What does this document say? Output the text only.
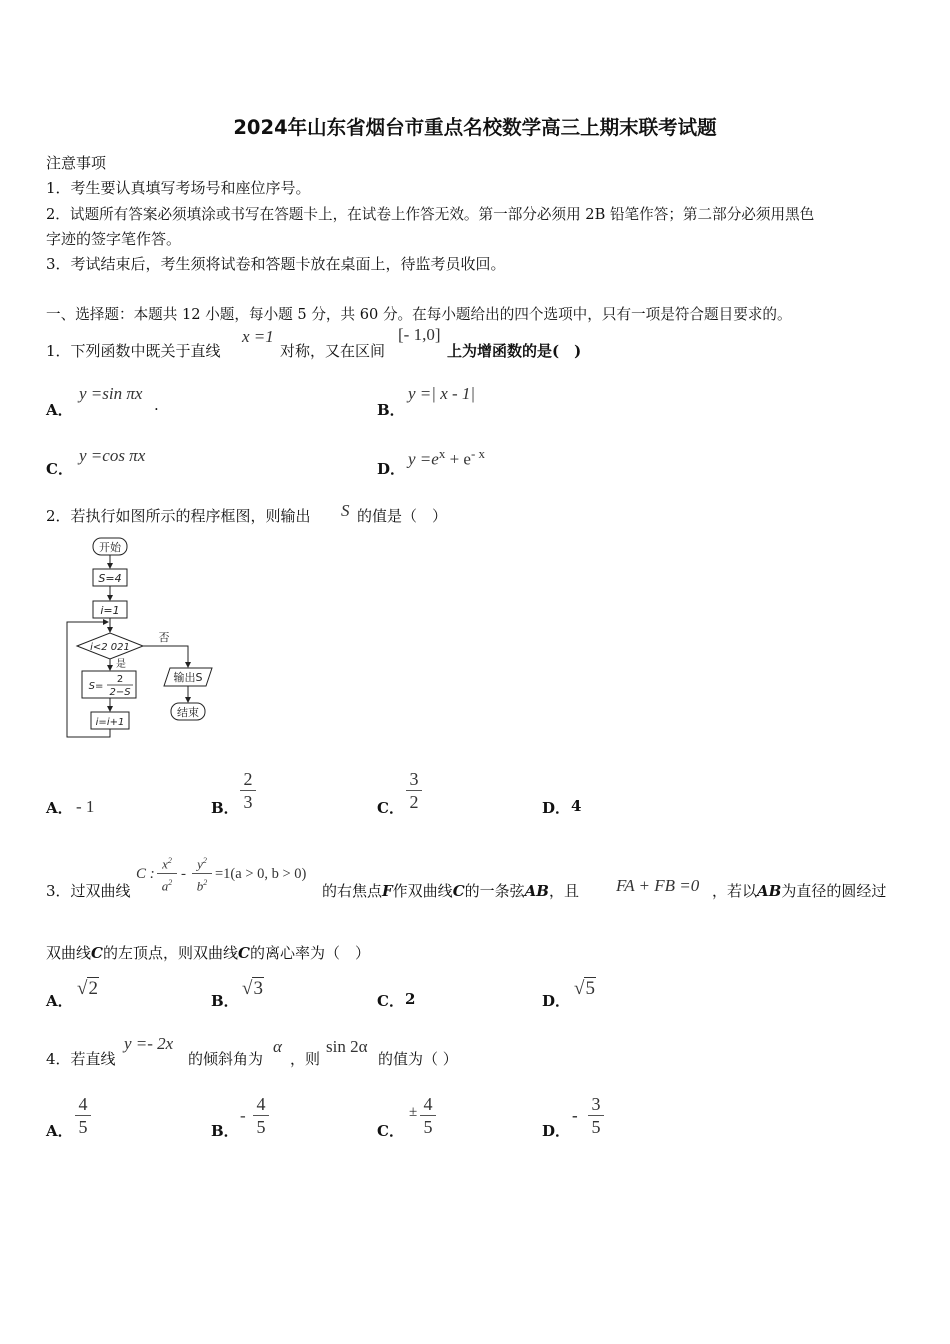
2024年山东省烟台市重点名校数学高三上期末联考试题
注意事项
1．考生要认真填写考场号和座位序号。
2．试题所有答案必须填涂或书写在答题卡上，在试卷上作答无效。第一部分必须用 2B 铅笔作答；第二部分必须用黑色
字迹的签字笔作答。
3．考试结束后，考生须将试卷和答题卡放在桌面上，待监考员收回。
一、选择题：本题共 12 小题，每小题 5 分，共 60 分。在每小题给出的四个选项中，只有一项是符合题目要求的。
1．下列函数中既关于直线
x =1
对称，又在区间
[- 1,0]
上为增函数的是(　)
A．
y =sin πx
.	B．
y =| x - 1|
C．
y =cos πx
D．
$y =e^x + e^{- x}$
2．若执行如图所示的程序框图，则输出 S 的值是（　）
开始
S=4
i=1
i<2 021
否
是
S=
2
2−S
输出S
结束
i=i+1
A． - 1	B．
2
3	C．
3
2	D． 4
3．过双曲线
C :
$x^2$
$a^2$
-
$y^2$
$b^2$
=1(a > 0, b > 0)
的右焦点F作双曲线C的一条弦AB，且 FA + FB =0 ，若以AB为直径的圆经过
双曲线C的左顶点，则双曲线C的离心率为（　）
A．
√2
B．
√3
C． 2	D．
√5
4．若直线
y =- 2x
的倾斜角为
α
，则
sin 2α
的值为（ ）
A．
4
5	B．
-
4
5	C．
± 4
5	D．
-
3
5
